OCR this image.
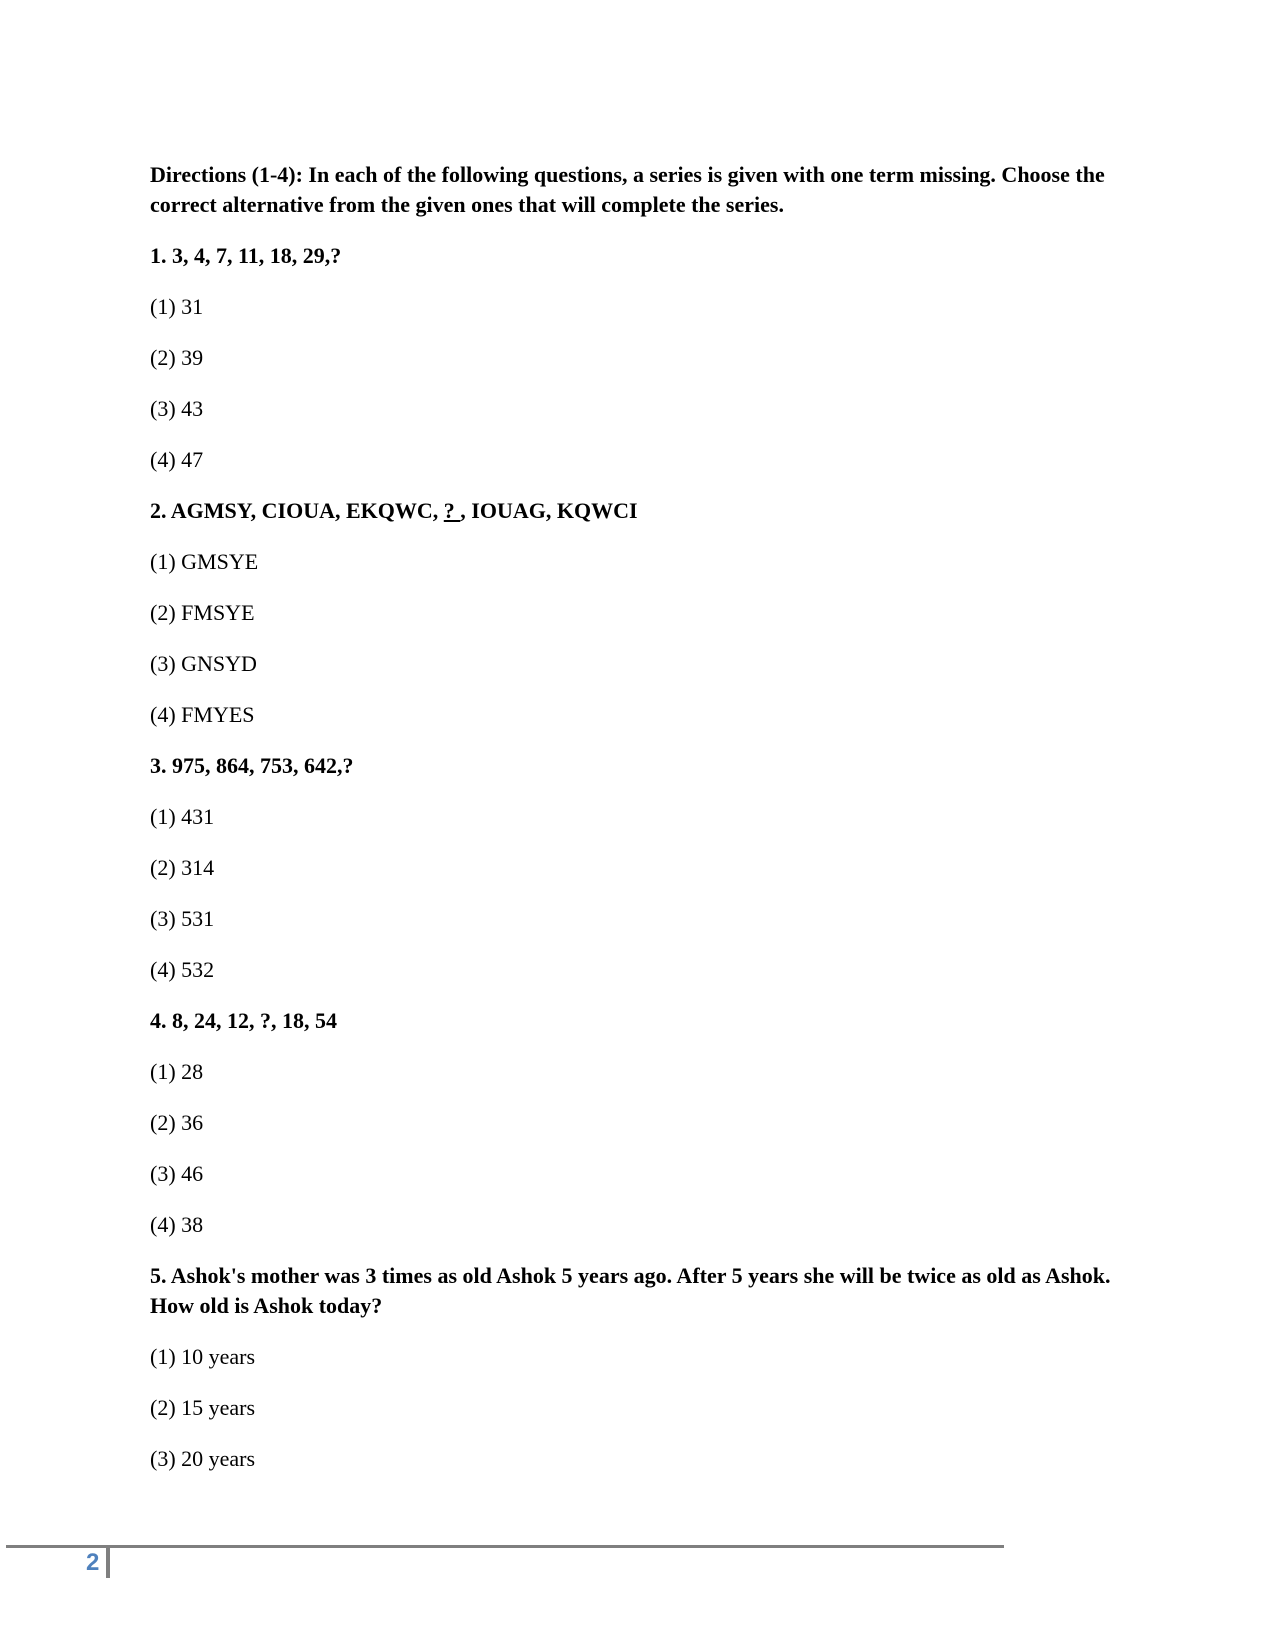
Directions (1-4): In each of the following questions, a series is given with one term missing. Choose the correct alternative from the given ones that will complete the series.

1. 3, 4, 7, 11, 18, 29,?

(1) 31

(2) 39

(3) 43

(4) 47

2. AGMSY, CIOUA, EKQWC, ? , IOUAG, KQWCI

(1) GMSYE

(2) FMSYE

(3) GNSYD

(4) FMYES

3. 975, 864, 753, 642,?

(1) 431

(2) 314

(3) 531

(4) 532

4. 8, 24, 12, ?, 18, 54

(1) 28

(2) 36

(3) 46

(4) 38

5. Ashok's mother was 3 times as old Ashok 5 years ago. After 5 years she will be twice as old as Ashok. How old is Ashok today?

(1) 10 years

(2) 15 years

(3) 20 years

2
